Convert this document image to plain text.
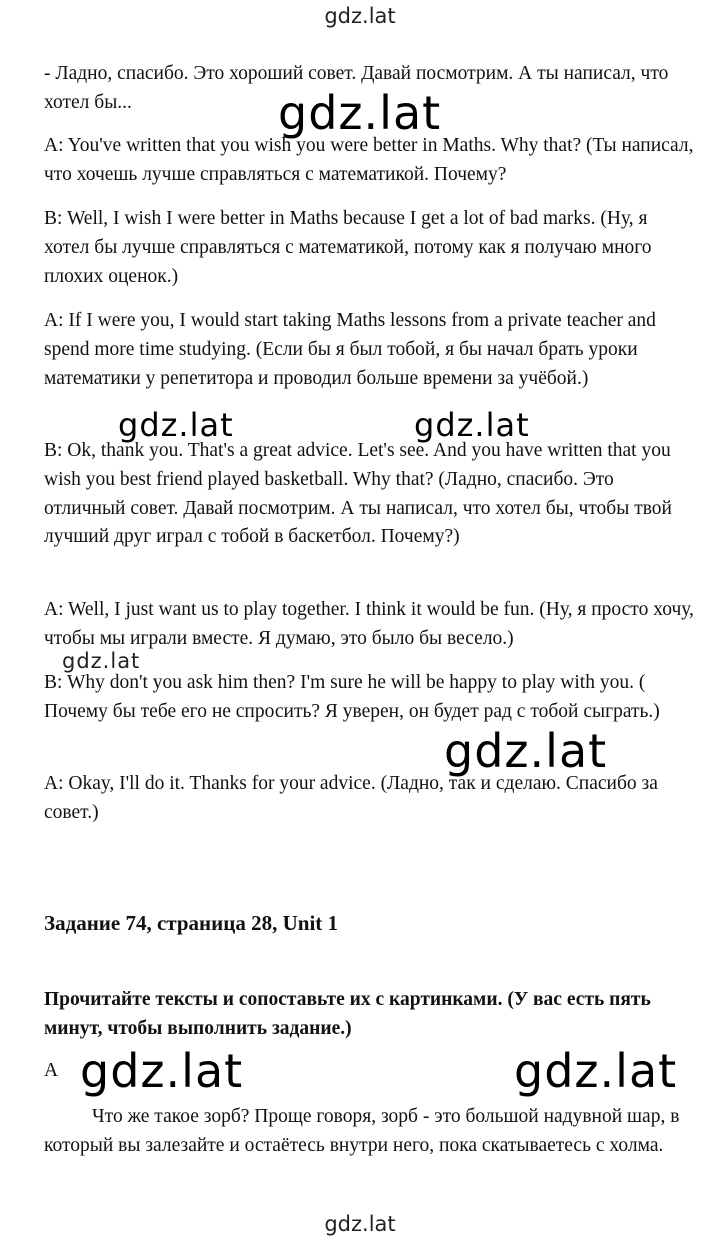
gdz.lat

- Ладно, спасибо. Это хороший совет. Давай посмотрим. А ты написал, что хотел бы...

A: You've written that you wish you were better in Maths. Why that? (Ты написал, что хочешь лучше справляться с математикой. Почему?

B: Well, I wish I were better in Maths because I get a lot of bad marks. (Ну, я хотел бы лучше справляться с математикой, потому как я получаю много плохих оценок.)

A: If I were you, I would start taking Maths lessons from a private teacher and spend more time studying. (Если бы я был тобой, я бы начал брать уроки математики у репетитора и проводил больше времени за учёбой.)

B: Ok, thank you. That's a great advice. Let's see. And you have written that you wish you best friend played basketball. Why that? (Ладно, спасибо. Это отличный совет. Давай посмотрим. А ты написал, что хотел бы, чтобы твой лучший друг играл с тобой в баскетбол. Почему?)

A: Well, I just want us to play together. I think it would be fun. (Ну, я просто хочу, чтобы мы играли вместе. Я думаю, это было бы весело.)

B: Why don't you ask him then? I'm sure he will be happy to play with you. ( Почему бы тебе его не спросить? Я уверен, он будет рад с тобой сыграть.)

A: Okay, I'll do it. Thanks for your advice. (Ладно, так и сделаю. Спасибо за совет.)

Задание 74, страница 28, Unit 1

Прочитайте тексты и сопоставьте их с картинками. (У вас есть пять минут, чтобы выполнить задание.)

A

Что же такое зорб? Проще говоря, зорб - это большой надувной шар, в который вы залезайте и остаётесь внутри него, пока скатываетесь с холма.

gdz.lat
gdz.lat	gdz.lat
gdz.lat
gdz.lat
gdz.lat	gdz.lat
gdz.lat
